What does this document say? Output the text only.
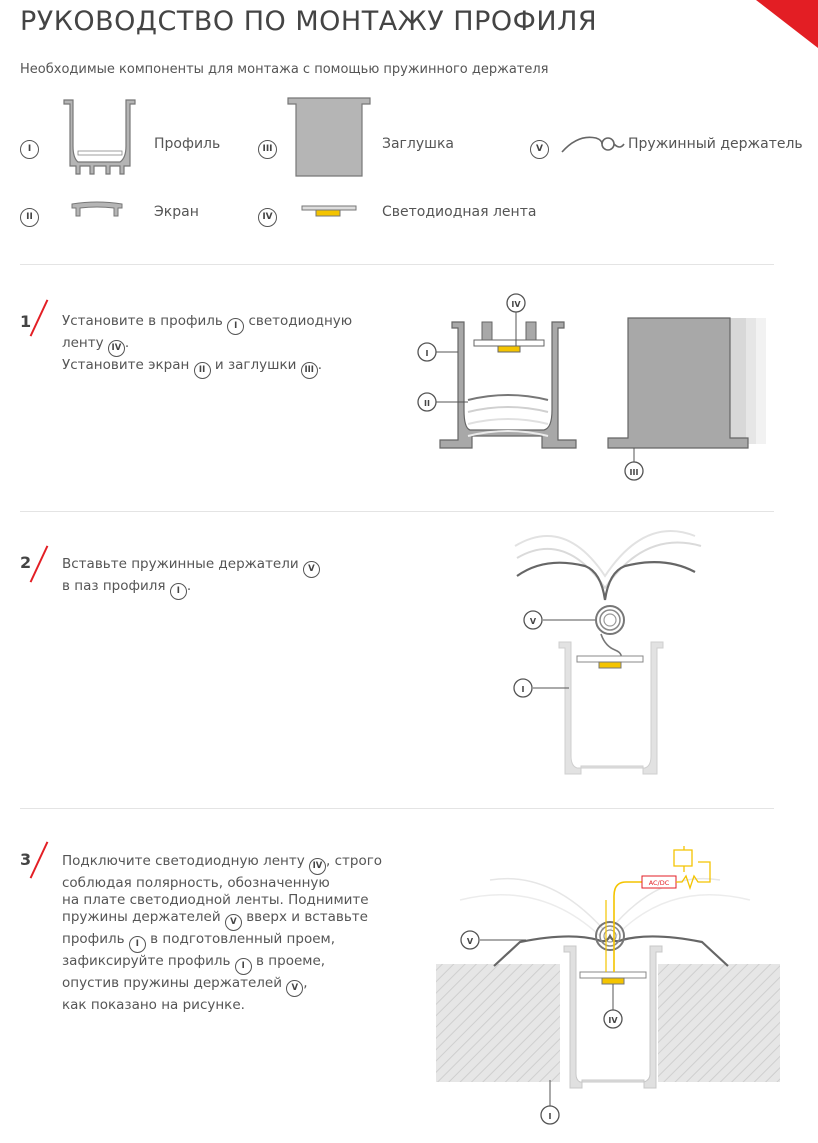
РУКОВОДСТВО ПО МОНТАЖУ ПРОФИЛЯ
Необходимые компоненты для монтажа с помощью пружинного держателя
I	Профиль	III	Заглушка	V	Пружинный держатель
II	Экран	IV	Светодиодная лента
1 Установите в профиль I светодиодную
ленту IV .
Установите экран II и заглушки III .
IV
I
II
III
2 Вставьте пружинные держатели V
в паз профиля I .
V
I
3 Подключите светодиодную ленту IV , строго
соблюдая полярность, обозначенную
на плате светодиодной ленты. Поднимите
пружины держателей V вверх и вставьте
профиль I в подготовленный проем,
зафиксируйте профиль I в проеме,
опустив пружины держателей V ,
как показано на рисунке.
AC/DC
V
IV
I
